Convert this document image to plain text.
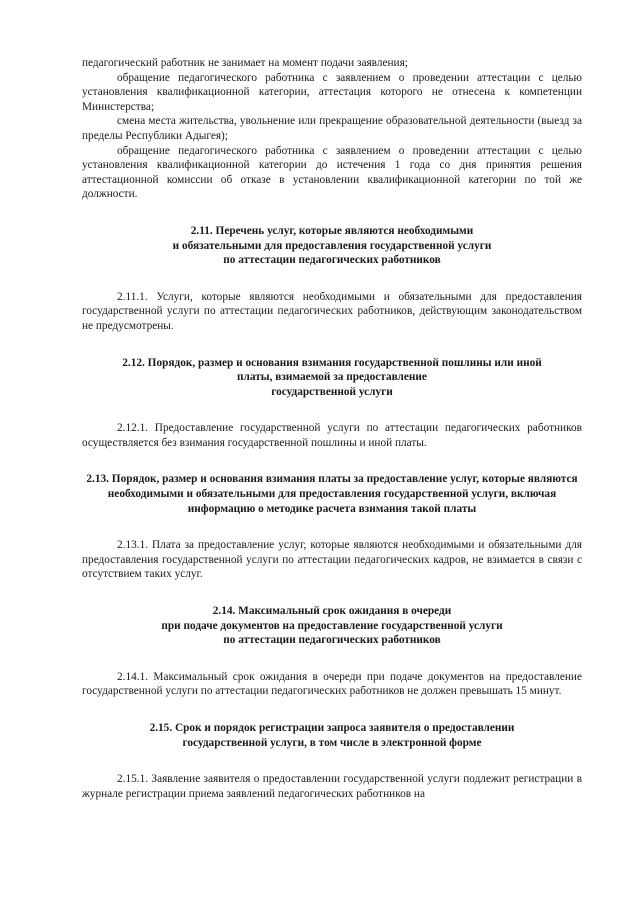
педагогический работник не занимает на момент подачи заявления;

обращение педагогического работника с заявлением о проведении аттестации с целью установления квалификационной категории, аттестация которого не отнесена к компетенции Министерства;

смена места жительства, увольнение или прекращение образовательной деятельности (выезд за пределы Республики Адыгея);

обращение педагогического работника с заявлением о проведении аттестации с целью установления квалификационной категории до истечения 1 года со дня принятия решения аттестационной комиссии об отказе в установлении квалификационной категории по той же должности.

2.11. Перечень услуг, которые являются необходимыми
и обязательными для предоставления государственной услуги
по аттестации педагогических работников

2.11.1. Услуги, которые являются необходимыми и обязательными для предоставления государственной услуги по аттестации педагогических работников, действующим законодательством не предусмотрены.

2.12. Порядок, размер и основания взимания государственной пошлины или иной
платы, взимаемой за предоставление
государственной услуги

2.12.1. Предоставление государственной услуги по аттестации педагогических работников осуществляется без взимания государственной пошлины и иной платы.

2.13. Порядок, размер и основания взимания платы за предоставление услуг, которые являются необходимыми и обязательными для предоставления государственной услуги, включая информацию о методике расчета взимания такой платы

2.13.1. Плата за предоставление услуг, которые являются необходимыми и обязательными для предоставления государственной услуги по аттестации педагогических кадров, не взимается в связи с отсутствием таких услуг.

2.14. Максимальный срок ожидания в очереди
при подаче документов на предоставление государственной услуги
по аттестации педагогических работников

2.14.1. Максимальный срок ожидания в очереди при подаче документов на предоставление государственной услуги по аттестации педагогических работников не должен превышать 15 минут.

2.15. Срок и порядок регистрации запроса заявителя о предоставлении
государственной услуги, в том числе в электронной форме

2.15.1. Заявление заявителя о предоставлении государственной услуги подлежит регистрации в журнале регистрации приема заявлений педагогических работников на
